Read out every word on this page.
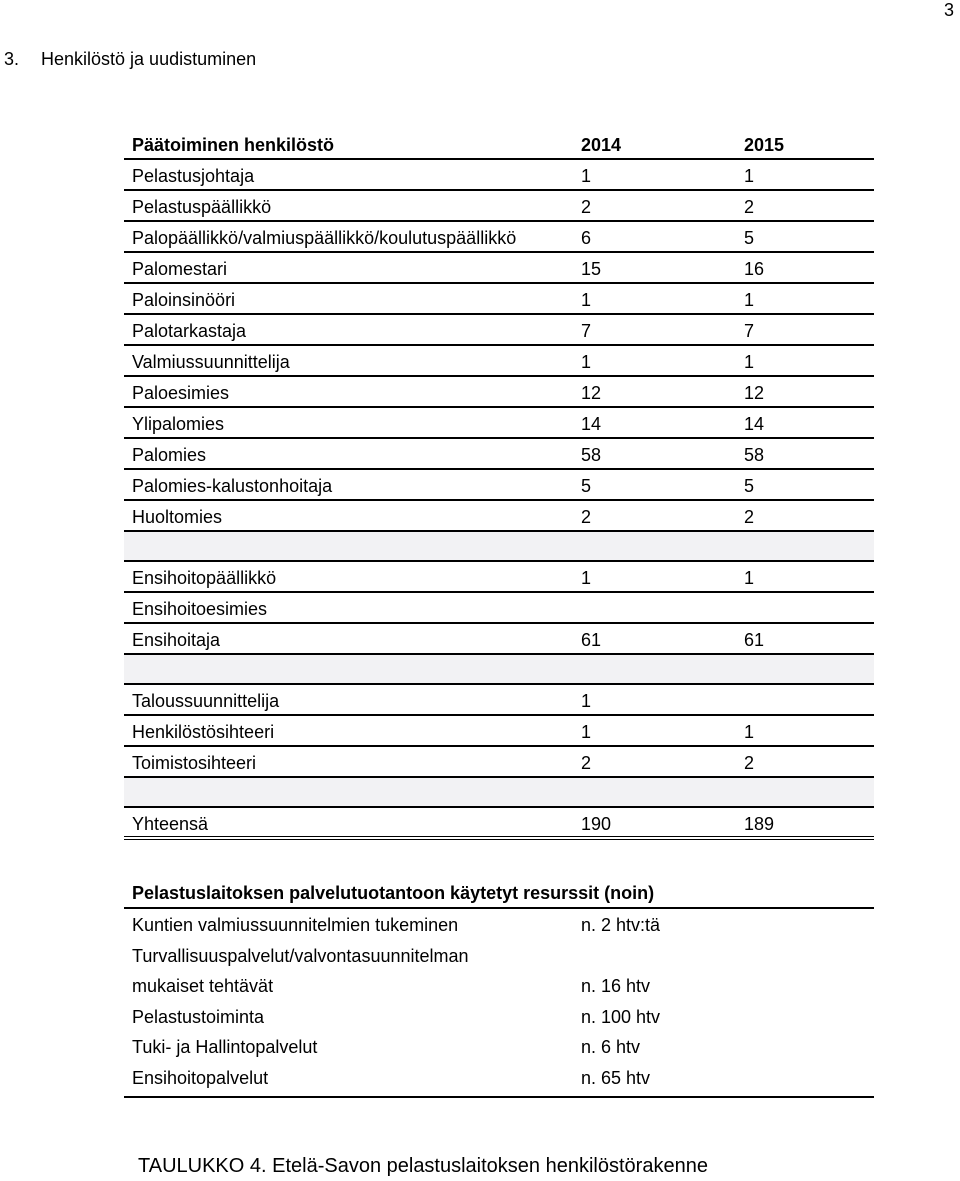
3
3. Henkilöstö ja uudistuminen
Päätoiminen henkilöstö	2014	2015
Pelastusjohtaja	1	1
Pelastuspäällikkö	2	2
Palopäällikkö/valmiuspäällikkö/koulutuspäällikkö	6	5
Palomestari	15	16
Paloinsinööri	1	1
Palotarkastaja	7	7
Valmiussuunnittelija	1	1
Paloesimies	12	12
Ylipalomies	14	14
Palomies	58	58
Palomies-kalustonhoitaja	5	5
Huoltomies	2	2
Ensihoitopäällikkö	1	1
Ensihoitoesimies
Ensihoitaja	61	61
Taloussuunnittelija	1
Henkilöstösihteeri	1	1
Toimistosihteeri	2	2
Yhteensä	190	189
Pelastuslaitoksen palvelutuotantoon käytetyt resurssit (noin)
Kuntien valmiussuunnitelmien tukeminen	n. 2 htv:tä
Turvallisuuspalvelut/valvontasuunnitelman
mukaiset tehtävät	n. 16 htv
Pelastustoiminta	n. 100 htv
Tuki- ja Hallintopalvelut	n. 6 htv
Ensihoitopalvelut	n. 65 htv
TAULUKKO 4. Etelä-Savon pelastuslaitoksen henkilöstörakenne
